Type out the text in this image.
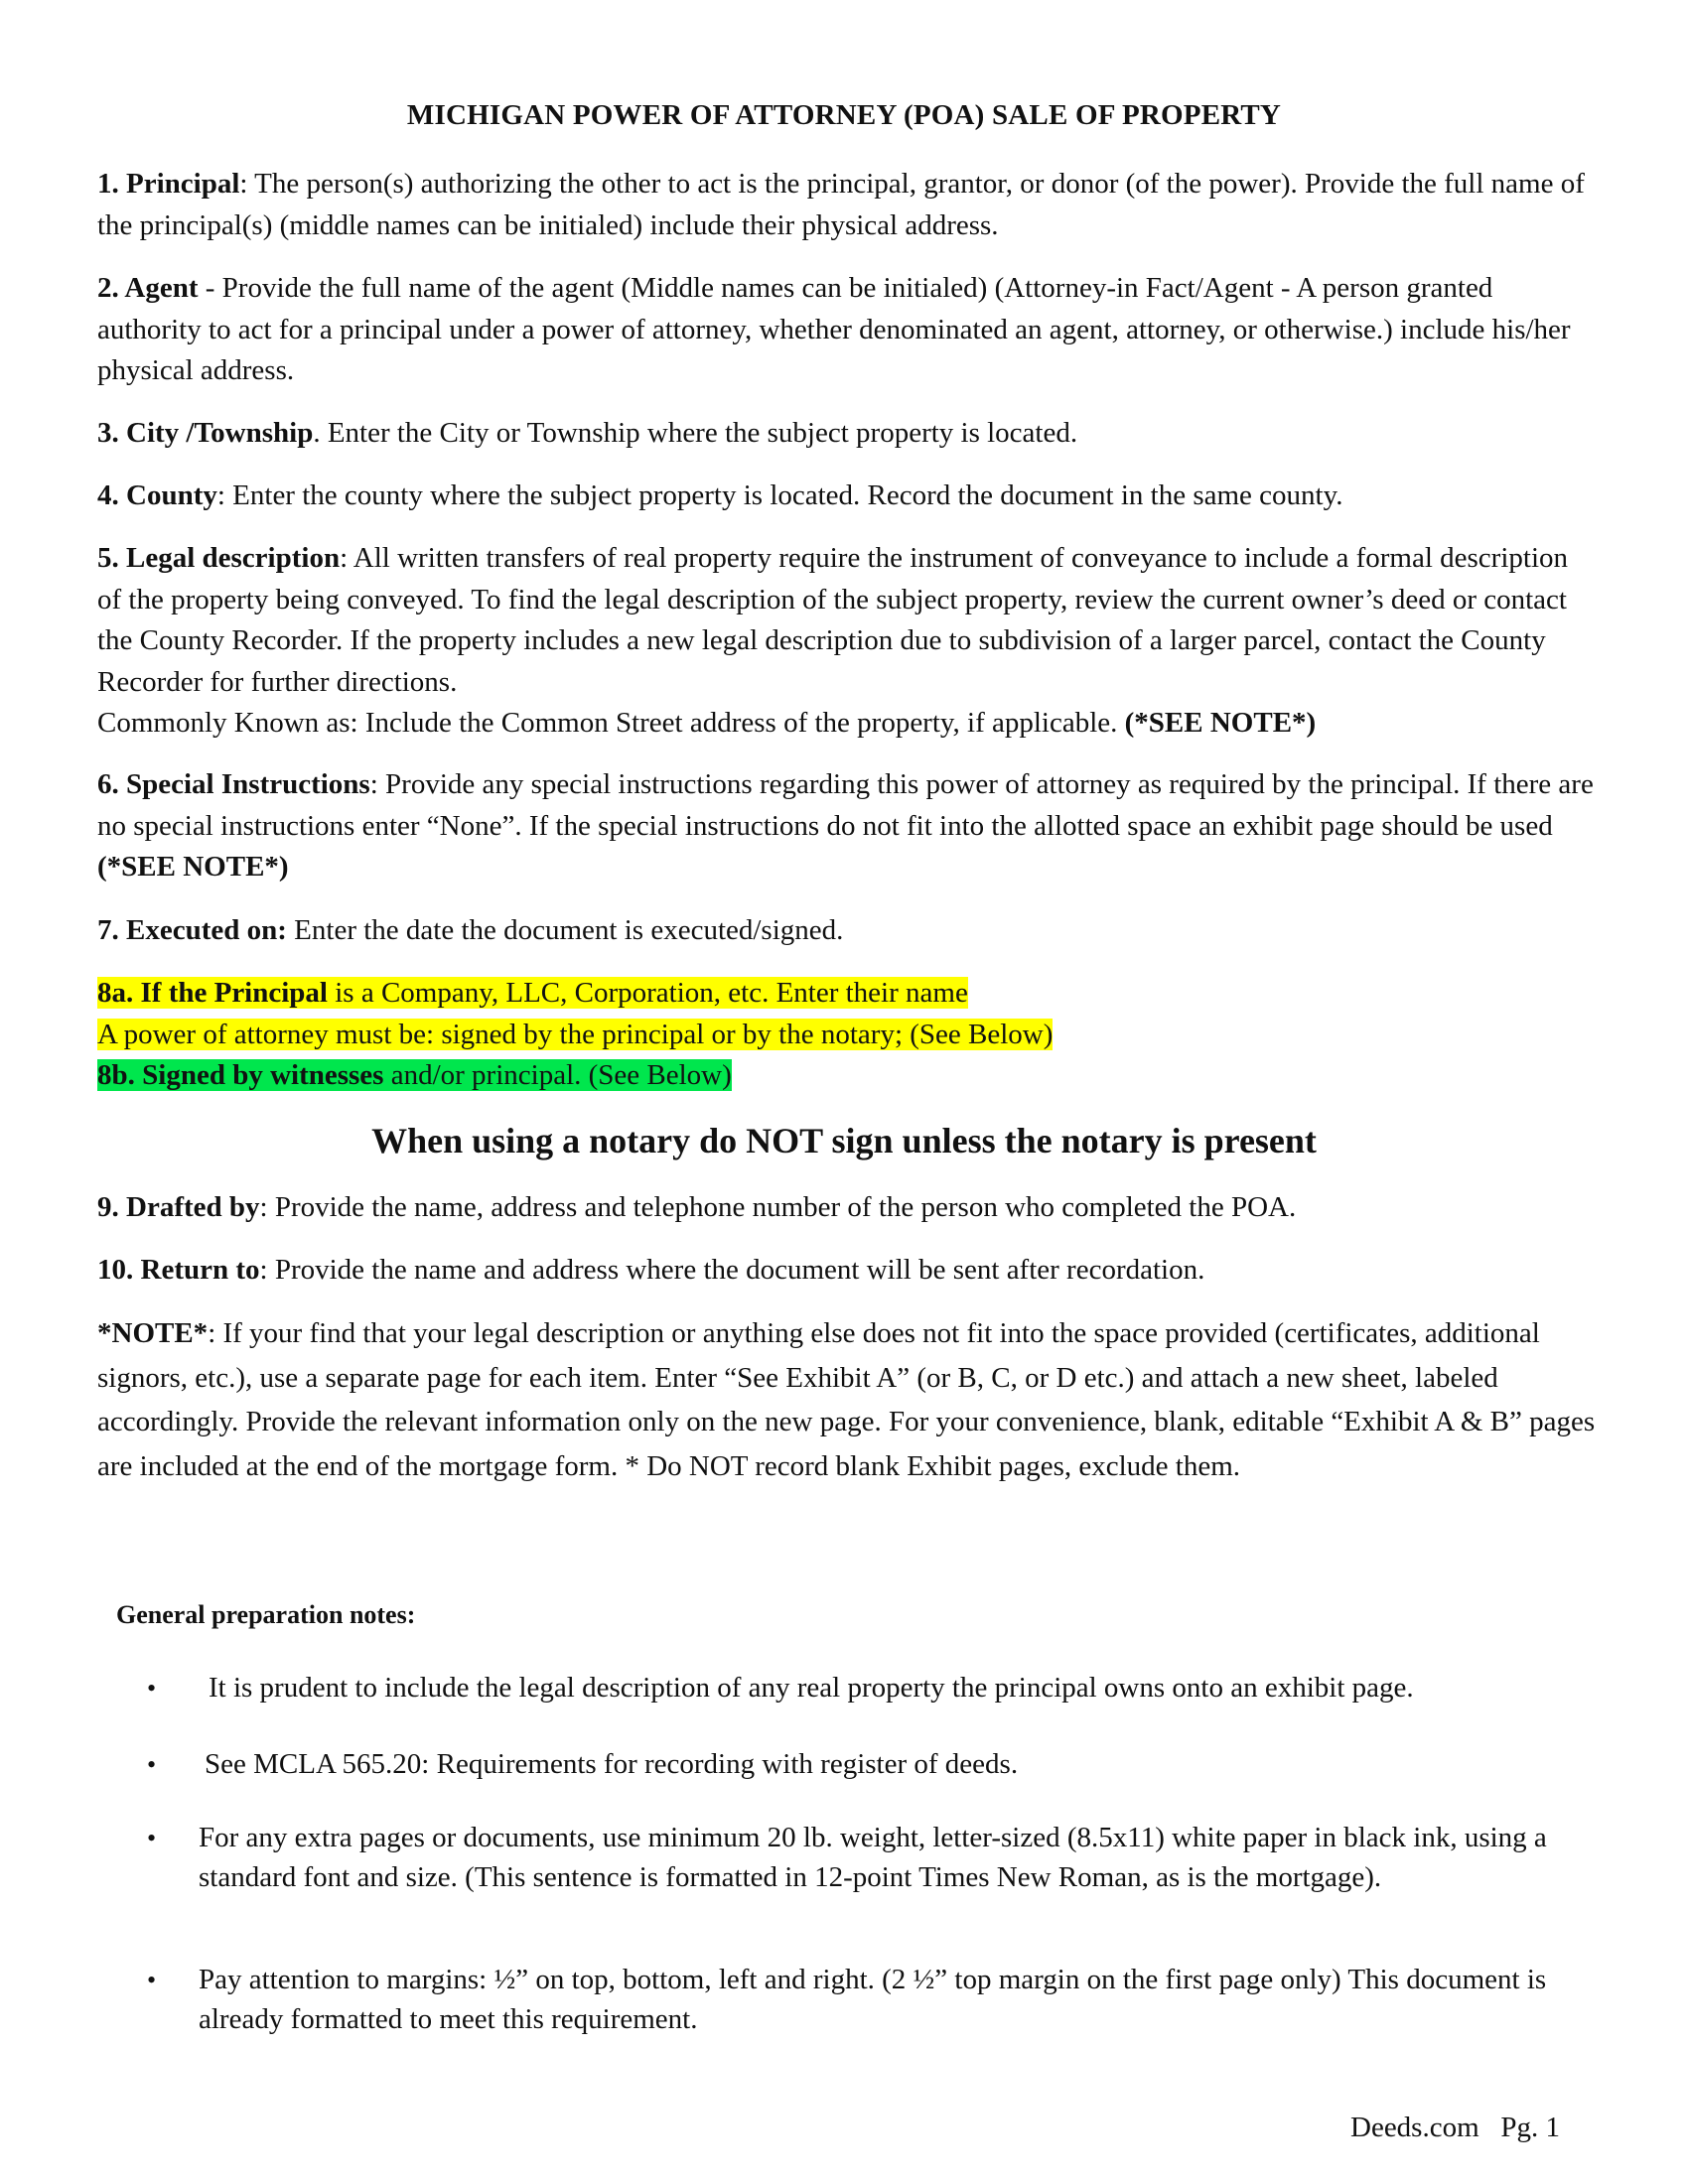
MICHIGAN POWER OF ATTORNEY (POA) SALE OF PROPERTY

1. Principal: The person(s) authorizing the other to act is the principal, grantor, or donor (of the power). Provide the full name of the principal(s) (middle names can be initialed) include their physical address.

2. Agent - Provide the full name of the agent (Middle names can be initialed) (Attorney-in Fact/Agent - A person granted authority to act for a principal under a power of attorney, whether denominated an agent, attorney, or otherwise.) include his/her physical address.

3. City /Township. Enter the City or Township where the subject property is located.

4. County: Enter the county where the subject property is located. Record the document in the same county.

5. Legal description: All written transfers of real property require the instrument of conveyance to include a formal description of the property being conveyed. To find the legal description of the subject property, review the current owner’s deed or contact the County Recorder. If the property includes a new legal description due to subdivision of a larger parcel, contact the County Recorder for further directions.
Commonly Known as: Include the Common Street address of the property, if applicable. (*SEE NOTE*)

6. Special Instructions: Provide any special instructions regarding this power of attorney as required by the principal. If there are no special instructions enter “None”. If the special instructions do not fit into the allotted space an exhibit page should be used (*SEE NOTE*)

7. Executed on: Enter the date the document is executed/signed.

8a. If the Principal is a Company, LLC, Corporation, etc. Enter their name
A power of attorney must be: signed by the principal or by the notary; (See Below)
8b. Signed by witnesses and/or principal. (See Below)

When using a notary do NOT sign unless the notary is present

9. Drafted by: Provide the name, address and telephone number of the person who completed the POA.

10. Return to: Provide the name and address where the document will be sent after recordation.

*NOTE*: If your find that your legal description or anything else does not fit into the space provided (certificates, additional signors, etc.), use a separate page for each item. Enter “See Exhibit A” (or B, C, or D etc.) and attach a new sheet, labeled accordingly. Provide the relevant information only on the new page. For your convenience, blank, editable “Exhibit A & B” pages are included at the end of the mortgage form. * Do NOT record blank Exhibit pages, exclude them.

General preparation notes:
• It is prudent to include the legal description of any real property the principal owns onto an exhibit page.

• See MCLA 565.20: Requirements for recording with register of deeds.

• For any extra pages or documents, use minimum 20 lb. weight, letter-sized (8.5x11) white paper in black ink, using a standard font and size. (This sentence is formatted in 12-point Times New Roman, as is the mortgage).

• Pay attention to margins: ½” on top, bottom, left and right. (2 ½” top margin on the first page only) This document is already formatted to meet this requirement.

Deeds.com Pg. 1
